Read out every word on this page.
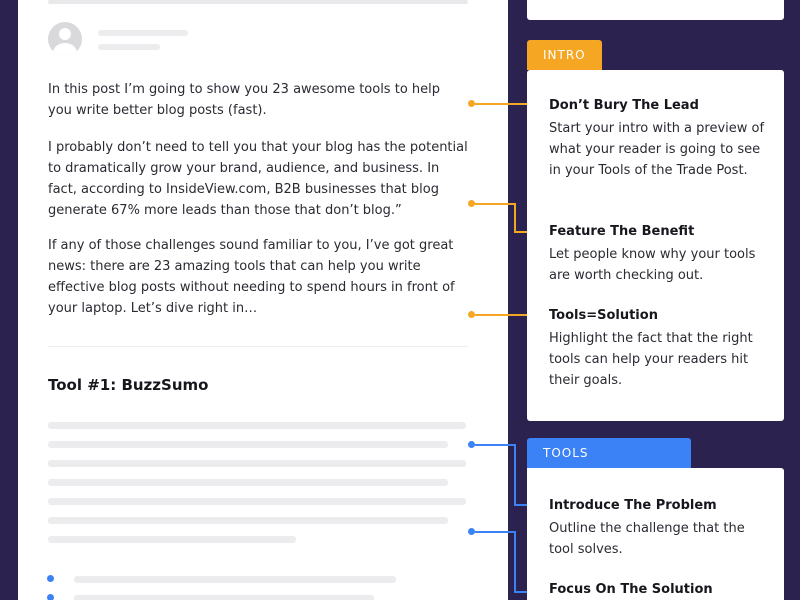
In this post I’m going to show you 23 awesome tools to help you write better blog posts (fast).

I probably don’t need to tell you that your blog has the potential to dramatically grow your brand, audience, and business. In fact, according to InsideView.com, B2B businesses that blog generate 67% more leads than those that don’t blog.”

If any of those challenges sound familiar to you, I’ve got great news: there are 23 amazing tools that can help you write effective blog posts without needing to spend hours in front of your laptop. Let’s dive right in…

Tool #1: BuzzSumo
INTRO

Don’t Bury The Lead

Start your intro with a preview of what your reader is going to see in your Tools of the Trade Post.

Feature The Benefit

Let people know why your tools are worth checking out.

Tools=Solution

Highlight the fact that the right tools can help your readers hit their goals.

TOOLS

Introduce The Problem

Outline the challenge that the tool solves.

Focus On The Solution
